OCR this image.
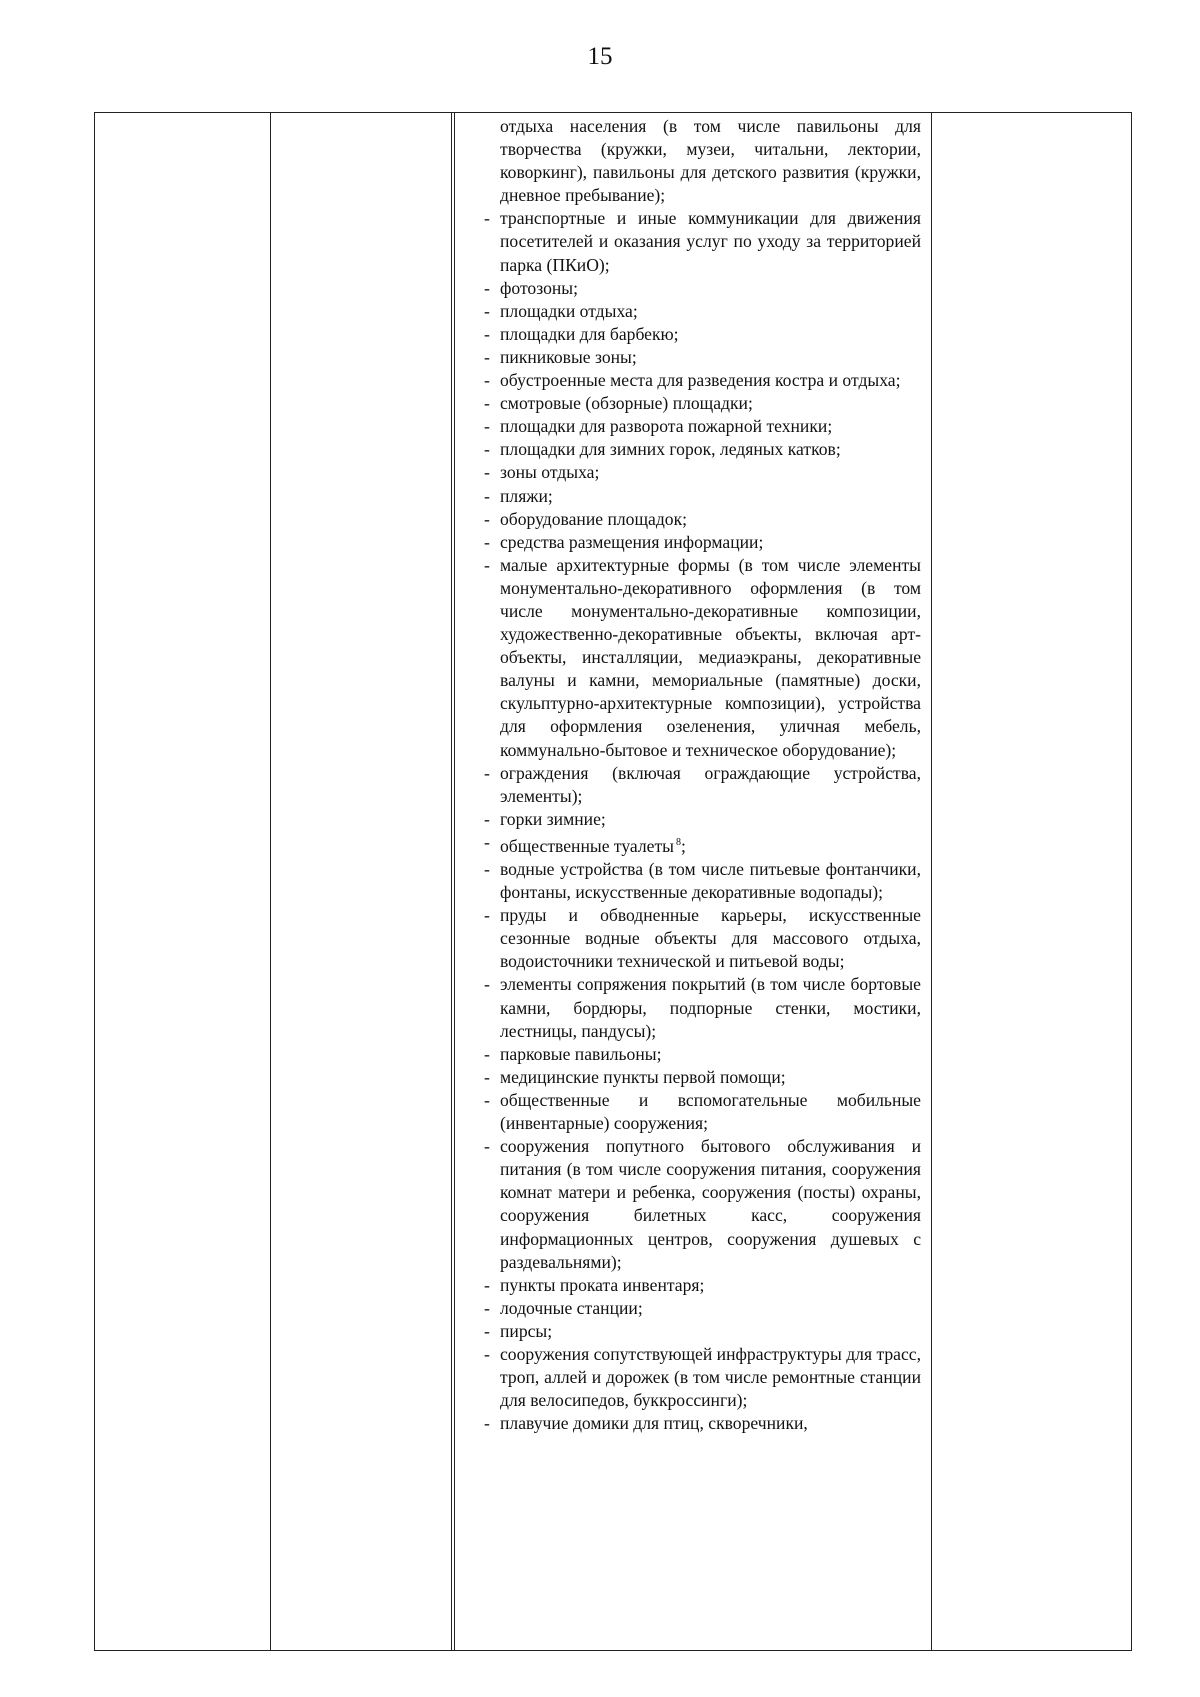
15
отдыха населения (в том числе павильоны для творчества (кружки, музеи, читальни, лектории, коворкинг), павильоны для детского развития (кружки, дневное пребывание);
- транспортные и иные коммуникации для движения посетителей и оказания услуг по уходу за территорией парка (ПКиО);
- фотозоны;
- площадки отдыха;
- площадки для барбекю;
- пикниковые зоны;
- обустроенные места для разведения костра и отдыха;
- смотровые (обзорные) площадки;
- площадки для разворота пожарной техники;
- площадки для зимних горок, ледяных катков;
- зоны отдыха;
- пляжи;
- оборудование площадок;
- средства размещения информации;
- малые архитектурные формы (в том числе элементы монументально-декоративного оформления (в том числе монументально-декоративные композиции, художественно-декоративные объекты, включая арт-объекты, инсталляции, медиаэкраны, декоративные валуны и камни, мемориальные (памятные) доски, скульптурно-архитектурные композиции), устройства для оформления озеленения, уличная мебель, коммунально-бытовое и техническое оборудование);
- ограждения (включая ограждающие устройства, элементы);
- горки зимние;
- общественные туалеты $^8$;
- водные устройства (в том числе питьевые фонтанчики, фонтаны, искусственные декоративные водопады);
- пруды и обводненные карьеры, искусственные сезонные водные объекты для массового отдыха, водоисточники технической и питьевой воды;
- элементы сопряжения покрытий (в том числе бортовые камни, бордюры, подпорные стенки, мостики, лестницы, пандусы);
- парковые павильоны;
- медицинские пункты первой помощи;
- общественные и вспомогательные мобильные (инвентарные) сооружения;
- сооружения попутного бытового обслуживания и питания (в том числе сооружения питания, сооружения комнат матери и ребенка, сооружения (посты) охраны, сооружения билетных касс, сооружения информационных центров, сооружения душевых с раздевальнями);
- пункты проката инвентаря;
- лодочные станции;
- пирсы;
- сооружения сопутствующей инфраструктуры для трасс, троп, аллей и дорожек (в том числе ремонтные станции для велосипедов, буккроссинги);
- плавучие домики для птиц, скворечники,
